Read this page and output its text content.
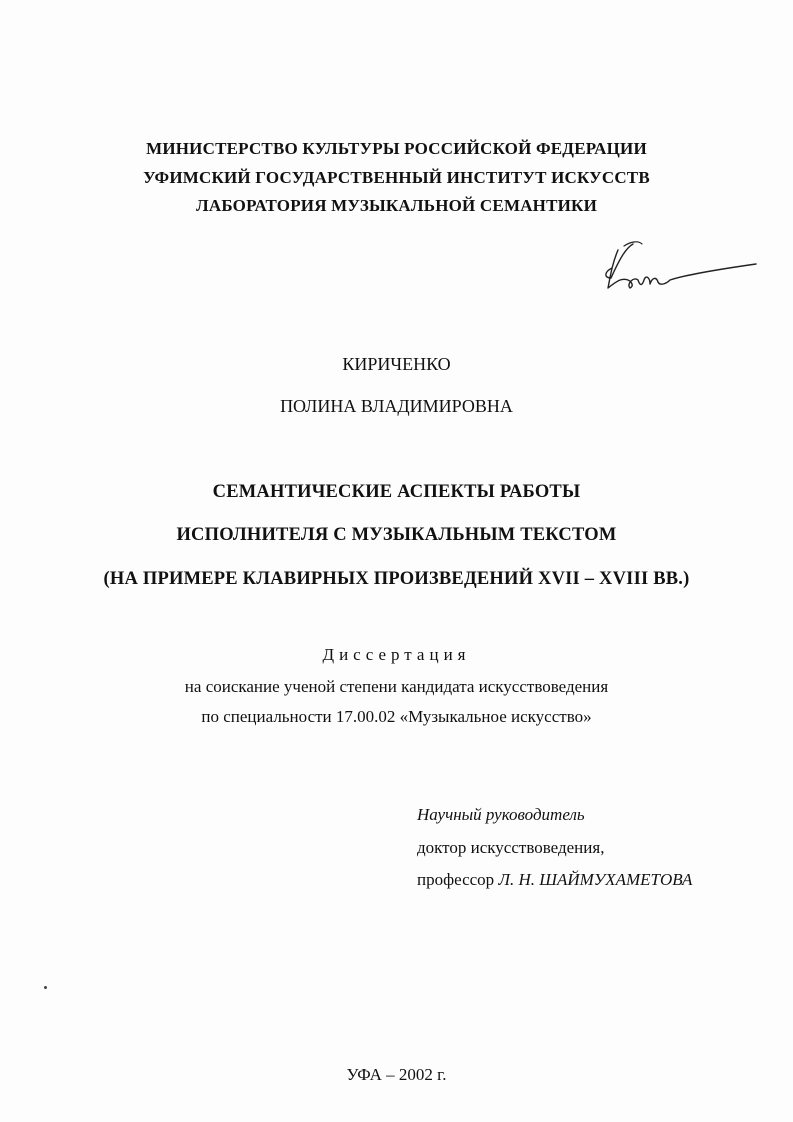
МИНИСТЕРСТВО КУЛЬТУРЫ РОССИЙСКОЙ ФЕДЕРАЦИИ
УФИМСКИЙ ГОСУДАРСТВЕННЫЙ ИНСТИТУТ ИСКУССТВ
ЛАБОРАТОРИЯ МУЗЫКАЛЬНОЙ СЕМАНТИКИ
КИРИЧЕНКО
ПОЛИНА ВЛАДИМИРОВНА
СЕМАНТИЧЕСКИЕ АСПЕКТЫ РАБОТЫ
ИСПОЛНИТЕЛЯ С МУЗЫКАЛЬНЫМ ТЕКСТОМ
(НА ПРИМЕРЕ КЛАВИРНЫХ ПРОИЗВЕДЕНИЙ XVII – XVIII ВВ.)
Диссертация
на соискание ученой степени кандидата искусствоведения
по специальности 17.00.02 «Музыкальное искусство»
Научный руководитель
доктор искусствоведения,
профессор Л. Н. ШАЙМУХАМЕТОВА
УФА – 2002 г.
